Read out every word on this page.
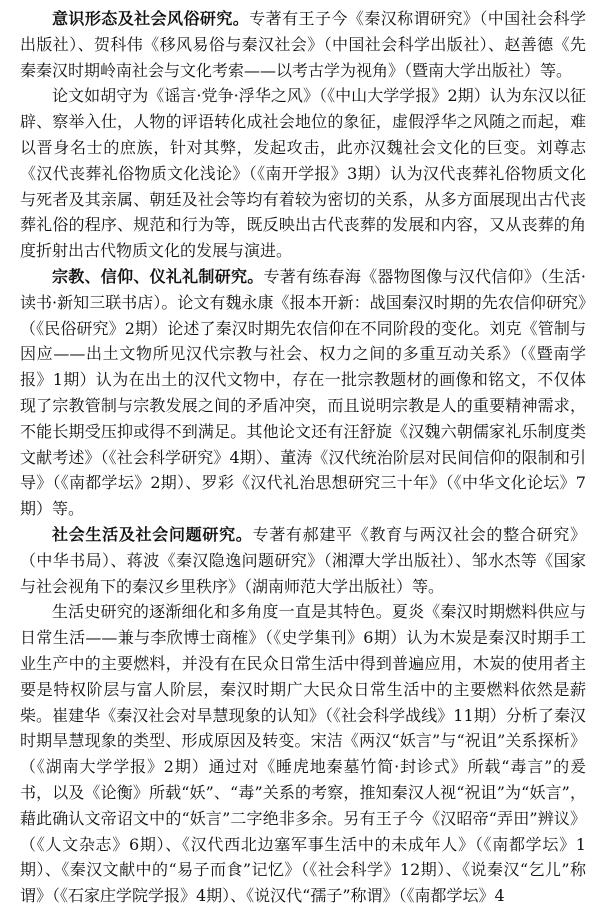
意识形态及社会风俗研究。专著有王子今《秦汉称谓研究》（中国社会科学出版社）、贺科伟《移风易俗与秦汉社会》（中国社会科学出版社）、赵善德《先秦秦汉时期岭南社会与文化考索——以考古学为视角》（暨南大学出版社）等。

论文如胡守为《谣言·党争·浮华之风》（《中山大学学报》2期）认为东汉以征辟、察举入仕，人物的评语转化成社会地位的象征，虚假浮华之风随之而起，难以晋身名士的庶族，针对其弊，发起攻击，此亦汉魏社会文化的巨变。刘尊志《汉代丧葬礼俗物质文化浅论》（《南开学报》3期）认为汉代丧葬礼俗物质文化与死者及其亲属、朝廷及社会等均有着较为密切的关系，从多方面展现出古代丧葬礼俗的程序、规范和行为等，既反映出古代丧葬的发展和内容，又从丧葬的角度折射出古代物质文化的发展与演进。

宗教、信仰、仪礼礼制研究。专著有练春海《器物图像与汉代信仰》（生活·读书·新知三联书店）。论文有魏永康《报本开新：战国秦汉时期的先农信仰研究》（《民俗研究》2期）论述了秦汉时期先农信仰在不同阶段的变化。刘克《管制与因应——出土文物所见汉代宗教与社会、权力之间的多重互动关系》（《暨南学报》1期）认为在出土的汉代文物中，存在一批宗教题材的画像和铭文，不仅体现了宗教管制与宗教发展之间的矛盾冲突，而且说明宗教是人的重要精神需求，不能长期受压抑或得不到满足。其他论文还有汪舒旋《汉魏六朝儒家礼乐制度类文献考述》（《社会科学研究》4期）、董涛《汉代统治阶层对民间信仰的限制和引导》（《南都学坛》2期）、罗彩《汉代礼治思想研究三十年》（《中华文化论坛》7期）等。

社会生活及社会问题研究。专著有郝建平《教育与两汉社会的整合研究》（中华书局）、蒋波《秦汉隐逸问题研究》（湘潭大学出版社）、邹水杰等《国家与社会视角下的秦汉乡里秩序》（湖南师范大学出版社）等。

生活史研究的逐渐细化和多角度一直是其特色。夏炎《秦汉时期燃料供应与日常生活——兼与李欣博士商榷》（《史学集刊》6期）认为木炭是秦汉时期手工业生产中的主要燃料，并没有在民众日常生活中得到普遍应用，木炭的使用者主要是特权阶层与富人阶层，秦汉时期广大民众日常生活中的主要燃料依然是薪柴。崔建华《秦汉社会对旱慧现象的认知》（《社会科学战线》11期）分析了秦汉时期旱慧现象的类型、形成原因及转变。宋洁《两汉“妖言”与“祝诅”关系探析》（《湖南大学学报》2期）通过对《睡虎地秦墓竹简·封诊式》所载“毒言”的爰书，以及《论衡》所载“妖”、“毒”关系的考察，推知秦汉人视“祝诅”为“妖言”，藉此确认文帝诏文中的“妖言”二字绝非多余。另有王子今《汉昭帝“弄田”辨议》（《人文杂志》6期）、《汉代西北边塞军事生活中的未成年人》（《南都学坛》1期）、《秦汉文献中的“易子而食”记忆》（《社会科学》12期）、《说秦汉“乞儿”称谓》（《石家庄学院学报》4期）、《说汉代“孺子”称谓》（《南都学坛》4
